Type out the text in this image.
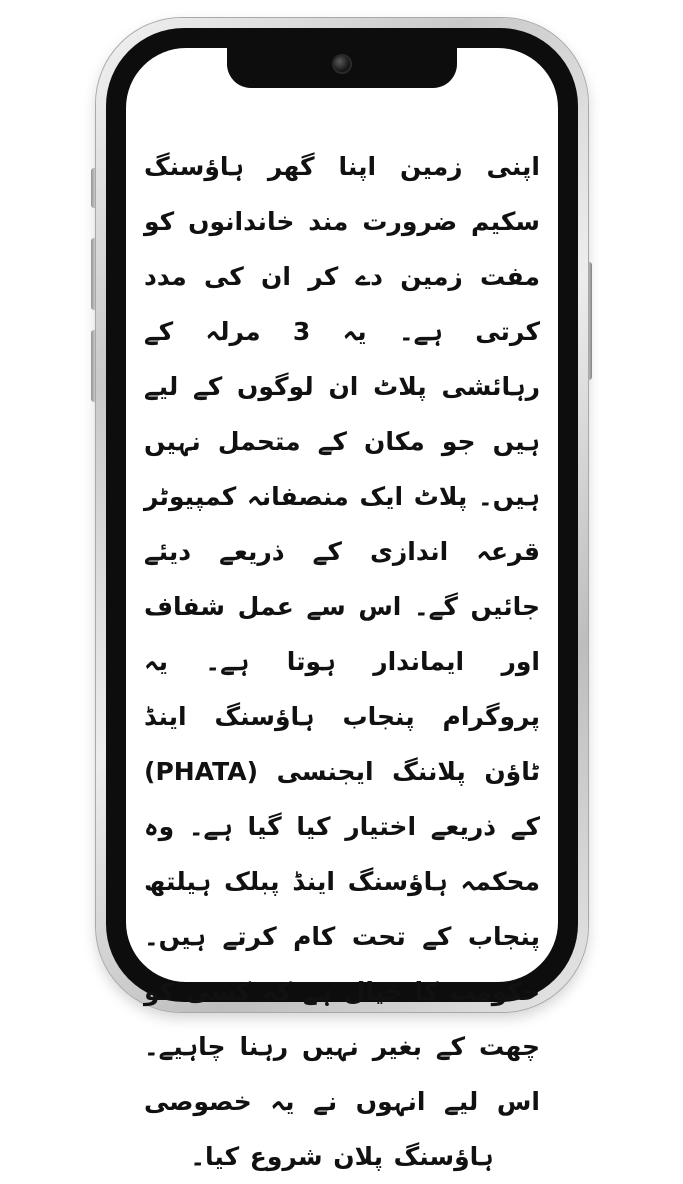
اپنی زمین اپنا گھر ہاؤسنگ سکیم ضرورت مند خاندانوں کو مفت زمین دے کر ان کی مدد کرتی ہے۔ یہ 3 مرلہ کے رہائشی پلاٹ ان لوگوں کے لیے ہیں جو مکان کے متحمل نہیں ہیں۔ پلاٹ ایک منصفانہ کمپیوٹر قرعہ اندازی کے ذریعے دیئے جائیں گے۔ اس سے عمل شفاف اور ایماندار ہوتا ہے۔ یہ پروگرام پنجاب ہاؤسنگ اینڈ ٹاؤن پلاننگ ایجنسی (PHATA) کے ذریعے اختیار کیا گیا ہے۔ وہ محکمہ ہاؤسنگ اینڈ پبلک ہیلتھ پنجاب کے تحت کام کرتے ہیں۔ حکومت کا خیال ہے کہ کسی کو چھت کے بغیر نہیں رہنا چاہیے۔ اس لیے انہوں نے یہ خصوصی ہاؤسنگ پلان شروع کیا۔
